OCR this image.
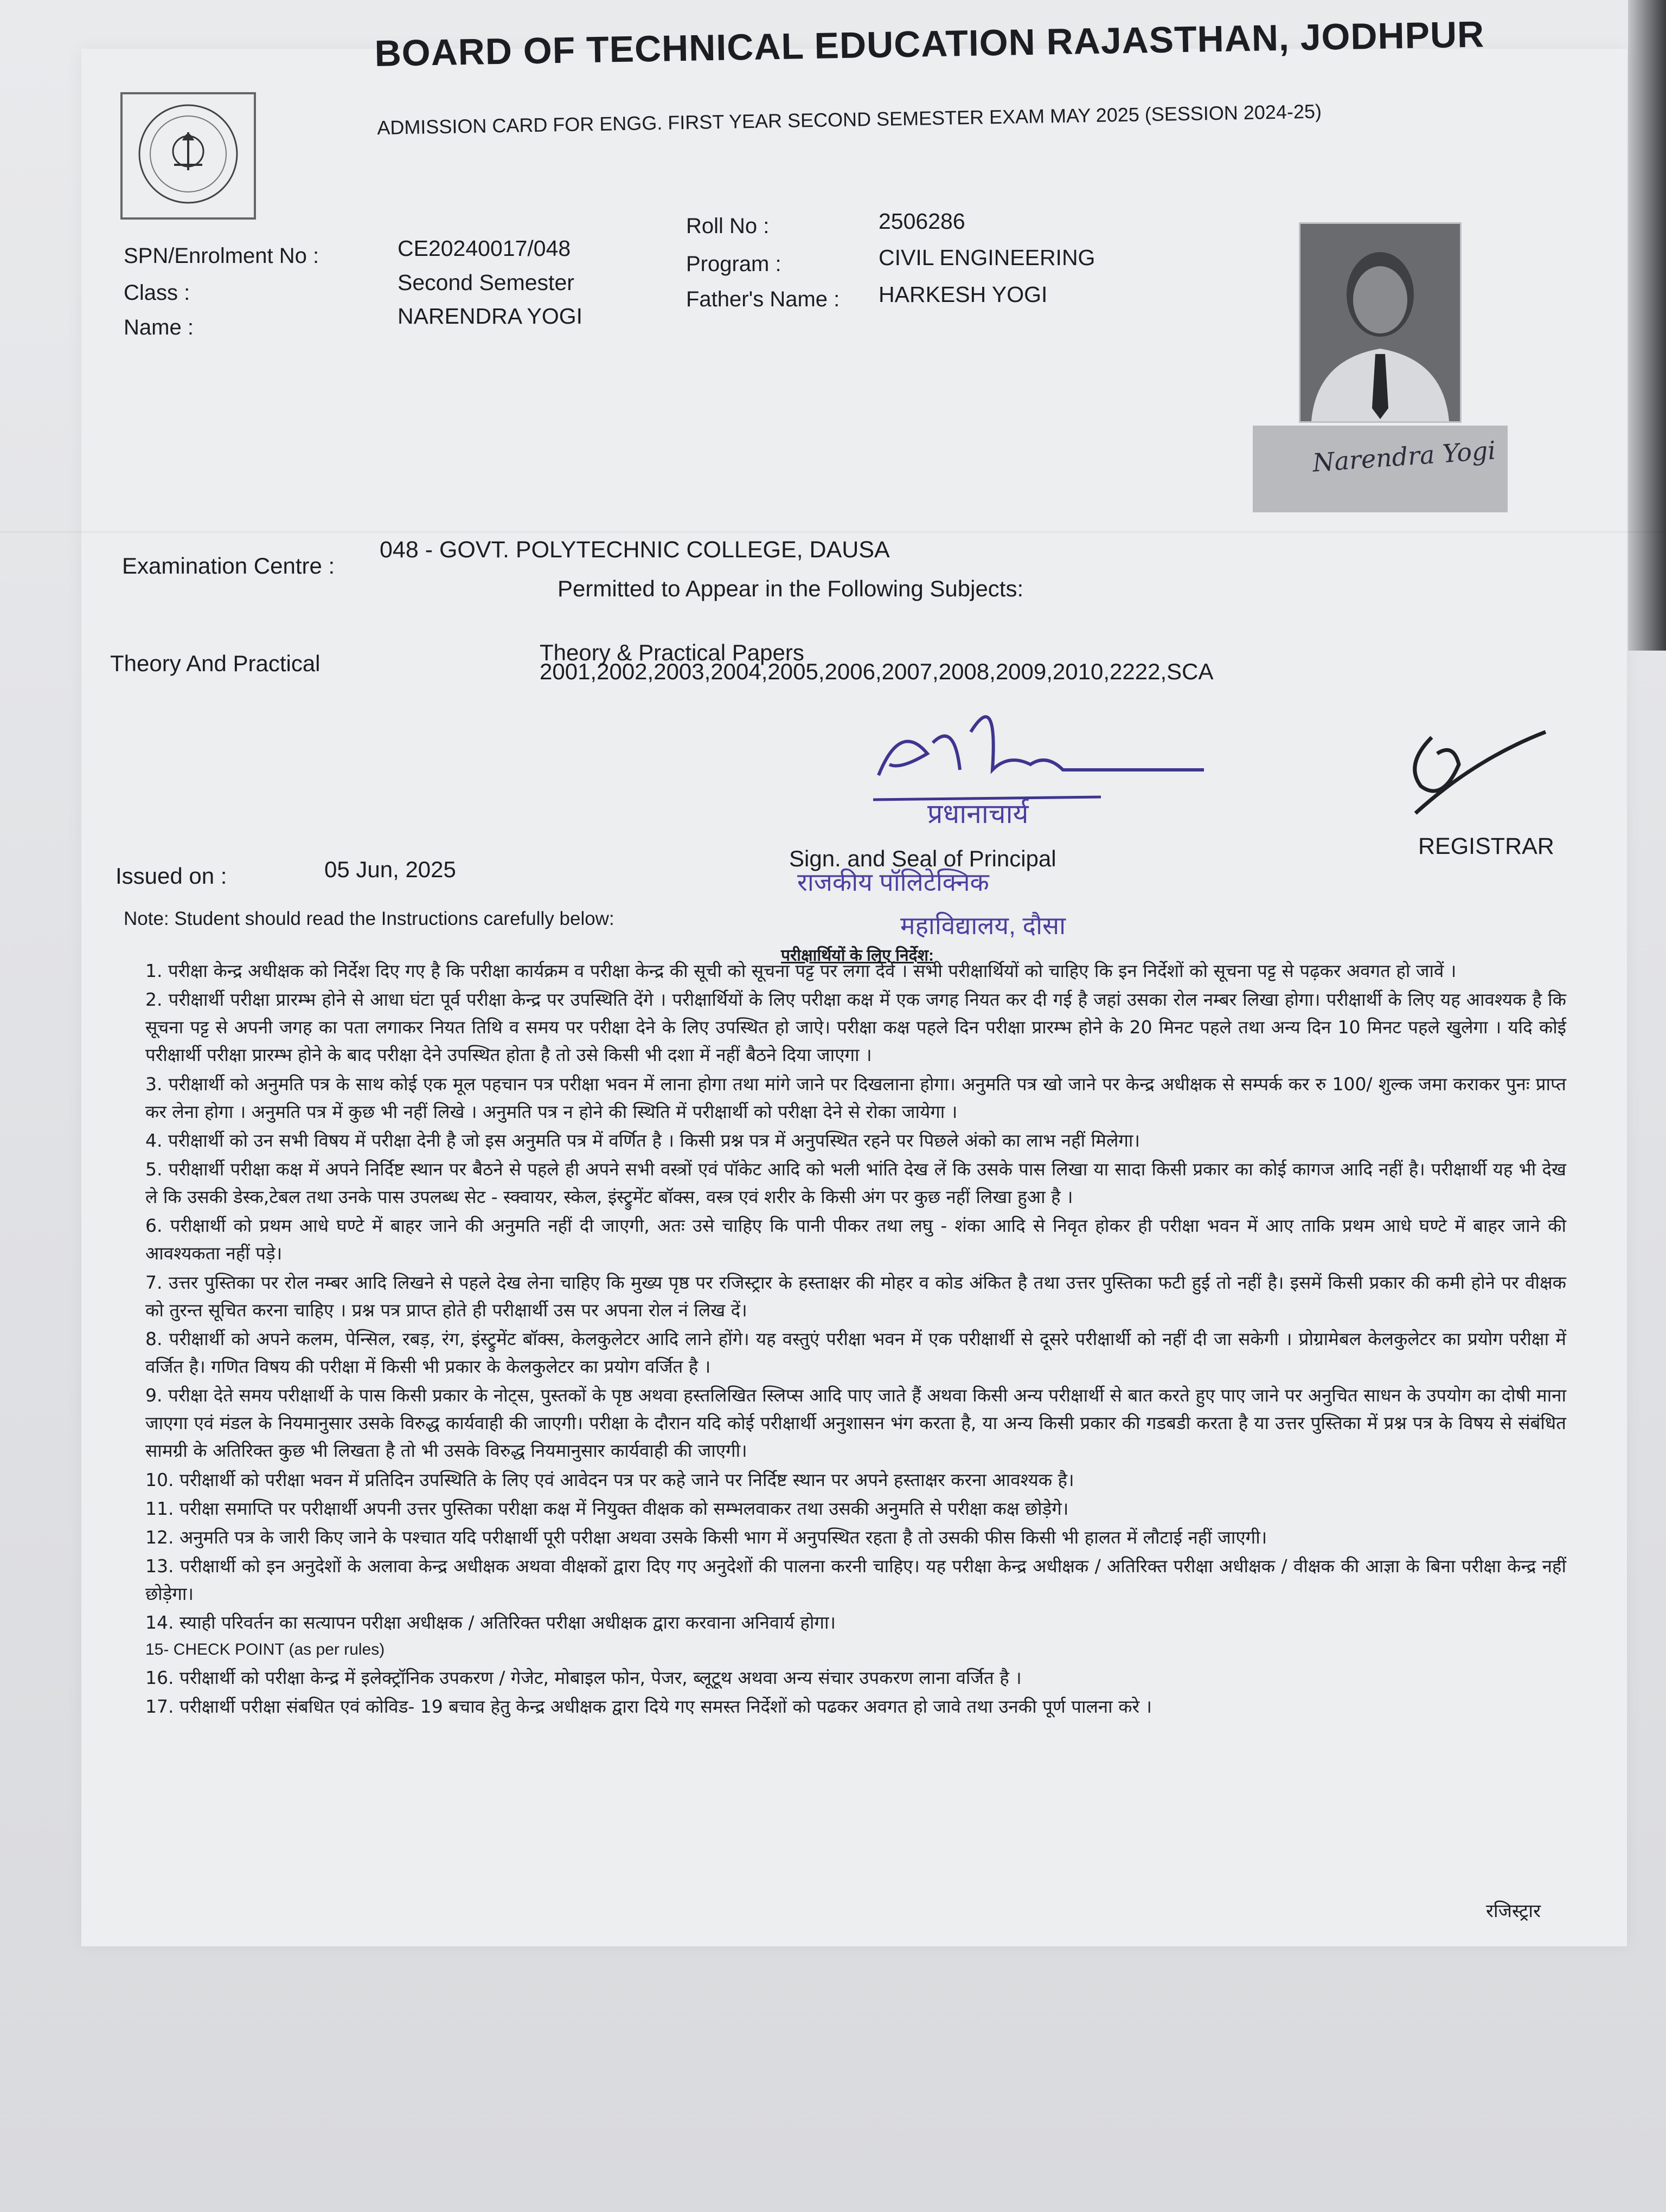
BOARD OF TECHNICAL EDUCATION RAJASTHAN, JODHPUR
ADMISSION CARD FOR ENGG. FIRST YEAR SECOND SEMESTER EXAM MAY 2025 (SESSION 2024-25)
SPN/Enrolment No :	CE20240017/048
Class :	Second Semester
Name :	NARENDRA YOGI
Roll No :	2506286
Program :	CIVIL ENGINEERING
Father's Name : HARKESH YOGI
Narendra Yogi
Examination Centre :
048 - GOVT. POLYTECHNIC COLLEGE, DAUSA
Permitted to Appear in the Following Subjects:
Theory And Practical	Theory & Practical Papers
2001,2002,2003,2004,2005,2006,2007,2008,2009,2010,2222,SCA
प्रधानाचार्य
राजकीय पॉलिटेक्निक
महाविद्यालय, दौसा
Issued on :	05 Jun, 2025	Sign. and Seal of Principal	REGISTRAR
Note: Student should read the Instructions carefully below:
परीक्षार्थियों के लिए निर्देश:

1. परीक्षा केन्द्र अधीक्षक को निर्देश दिए गए है कि परीक्षा कार्यक्रम व परीक्षा केन्द्र की सूची को सूचना पट्ट पर लगा देवें । सभी परीक्षार्थियों को चाहिए कि इन निर्देशों को सूचना पट्ट से पढ़कर अवगत हो जावें ।

2. परीक्षार्थी परीक्षा प्रारम्भ होने से आधा घंटा पूर्व परीक्षा केन्द्र पर उपस्थिति देंगे । परीक्षार्थियों के लिए परीक्षा कक्ष में एक जगह नियत कर दी गई है जहां उसका रोल नम्बर लिखा होगा। परीक्षार्थी के लिए यह आवश्यक है कि सूचना पट्ट से अपनी जगह का पता लगाकर नियत तिथि व समय पर परीक्षा देने के लिए उपस्थित हो जाऐ। परीक्षा कक्ष पहले दिन परीक्षा प्रारम्भ होने के 20 मिनट पहले तथा अन्य दिन 10 मिनट पहले खुलेगा । यदि कोई परीक्षार्थी परीक्षा प्रारम्भ होने के बाद परीक्षा देने उपस्थित होता है तो उसे किसी भी दशा में नहीं बैठने दिया जाएगा ।

3. परीक्षार्थी को अनुमति पत्र के साथ कोई एक मूल पहचान पत्र परीक्षा भवन में लाना होगा तथा मांगे जाने पर दिखलाना होगा। अनुमति पत्र खो जाने पर केन्द्र अधीक्षक से सम्पर्क कर रु 100/ शुल्क जमा कराकर पुनः प्राप्त कर लेना होगा । अनुमति पत्र में कुछ भी नहीं लिखे । अनुमति पत्र न होने की स्थिति में परीक्षार्थी को परीक्षा देने से रोका जायेगा ।

4. परीक्षार्थी को उन सभी विषय में परीक्षा देनी है जो इस अनुमति पत्र में वर्णित है । किसी प्रश्न पत्र में अनुपस्थित रहने पर पिछले अंको का लाभ नहीं मिलेगा।

5. परीक्षार्थी परीक्षा कक्ष में अपने निर्दिष्ट स्थान पर बैठने से पहले ही अपने सभी वस्त्रों एवं पॉकेट आदि को भली भांति देख लें कि उसके पास लिखा या सादा किसी प्रकार का कोई कागज आदि नहीं है। परीक्षार्थी यह भी देख ले कि उसकी डेस्क,टेबल तथा उनके पास उपलब्ध सेट - स्क्वायर, स्केल, इंस्ट्रुमेंट बॉक्स, वस्त्र एवं शरीर के किसी अंग पर कुछ नहीं लिखा हुआ है ।

6. परीक्षार्थी को प्रथम आधे घण्टे में बाहर जाने की अनुमति नहीं दी जाएगी, अतः उसे चाहिए कि पानी पीकर तथा लघु - शंका आदि से निवृत होकर ही परीक्षा भवन में आए ताकि प्रथम आधे घण्टे में बाहर जाने की आवश्यकता नहीं पड़े।

7. उत्तर पुस्तिका पर रोल नम्बर आदि लिखने से पहले देख लेना चाहिए कि मुख्य पृष्ठ पर रजिस्ट्रार के हस्ताक्षर की मोहर व कोड अंकित है तथा उत्तर पुस्तिका फटी हुई तो नहीं है। इसमें किसी प्रकार की कमी होने पर वीक्षक को तुरन्त सूचित करना चाहिए । प्रश्न पत्र प्राप्त होते ही परीक्षार्थी उस पर अपना रोल नं लिख दें।

8. परीक्षार्थी को अपने कलम, पेन्सिल, रबड़, रंग, इंस्ट्रुमेंट बॉक्स, केलकुलेटर आदि लाने होंगे। यह वस्तुएं परीक्षा भवन में एक परीक्षार्थी से दूसरे परीक्षार्थी को नहीं दी जा सकेगी । प्रोग्रामेबल केलकुलेटर का प्रयोग परीक्षा में वर्जित है। गणित विषय की परीक्षा में किसी भी प्रकार के केलकुलेटर का प्रयोग वर्जित है ।

9. परीक्षा देते समय परीक्षार्थी के पास किसी प्रकार के नोट्स, पुस्तकों के पृष्ठ अथवा हस्तलिखित स्लिप्स आदि पाए जाते हैं अथवा किसी अन्य परीक्षार्थी से बात करते हुए पाए जाने पर अनुचित साधन के उपयोग का दोषी माना जाएगा एवं मंडल के नियमानुसार उसके विरुद्ध कार्यवाही की जाएगी। परीक्षा के दौरान यदि कोई परीक्षार्थी अनुशासन भंग करता है, या अन्य किसी प्रकार की गडबडी करता है या उत्तर पुस्तिका में प्रश्न पत्र के विषय से संबंधित सामग्री के अतिरिक्त कुछ भी लिखता है तो भी उसके विरुद्ध नियमानुसार कार्यवाही की जाएगी।

10. परीक्षार्थी को परीक्षा भवन में प्रतिदिन उपस्थिति के लिए एवं आवेदन पत्र पर कहे जाने पर निर्दिष्ट स्थान पर अपने हस्ताक्षर करना आवश्यक है।

11. परीक्षा समाप्ति पर परीक्षार्थी अपनी उत्तर पुस्तिका परीक्षा कक्ष में नियुक्त वीक्षक को सम्भलवाकर तथा उसकी अनुमति से परीक्षा कक्ष छोड़ेगे।

12. अनुमति पत्र के जारी किए जाने के पश्चात यदि परीक्षार्थी पूरी परीक्षा अथवा उसके किसी भाग में अनुपस्थित रहता है तो उसकी फीस किसी भी हालत में लौटाई नहीं जाएगी।

13. परीक्षार्थी को इन अनुदेशों के अलावा केन्द्र अधीक्षक अथवा वीक्षकों द्वारा दिए गए अनुदेशों की पालना करनी चाहिए। यह परीक्षा केन्द्र अधीक्षक / अतिरिक्त परीक्षा अधीक्षक / वीक्षक की आज्ञा के बिना परीक्षा केन्द्र नहीं छोड़ेगा।

14. स्याही परिवर्तन का सत्यापन परीक्षा अधीक्षक / अतिरिक्त परीक्षा अधीक्षक द्वारा करवाना अनिवार्य होगा।

15- CHECK POINT (as per rules)

16. परीक्षार्थी को परीक्षा केन्द्र में इलेक्ट्रॉनिक उपकरण / गेजेट, मोबाइल फोन, पेजर, ब्लूटूथ अथवा अन्य संचार उपकरण लाना वर्जित है ।

17. परीक्षार्थी परीक्षा संबधित एवं कोविड- 19 बचाव हेतु केन्द्र अधीक्षक द्वारा दिये गए समस्त निर्देशों को पढकर अवगत हो जावे तथा उनकी पूर्ण पालना करे ।

रजिस्ट्रार
